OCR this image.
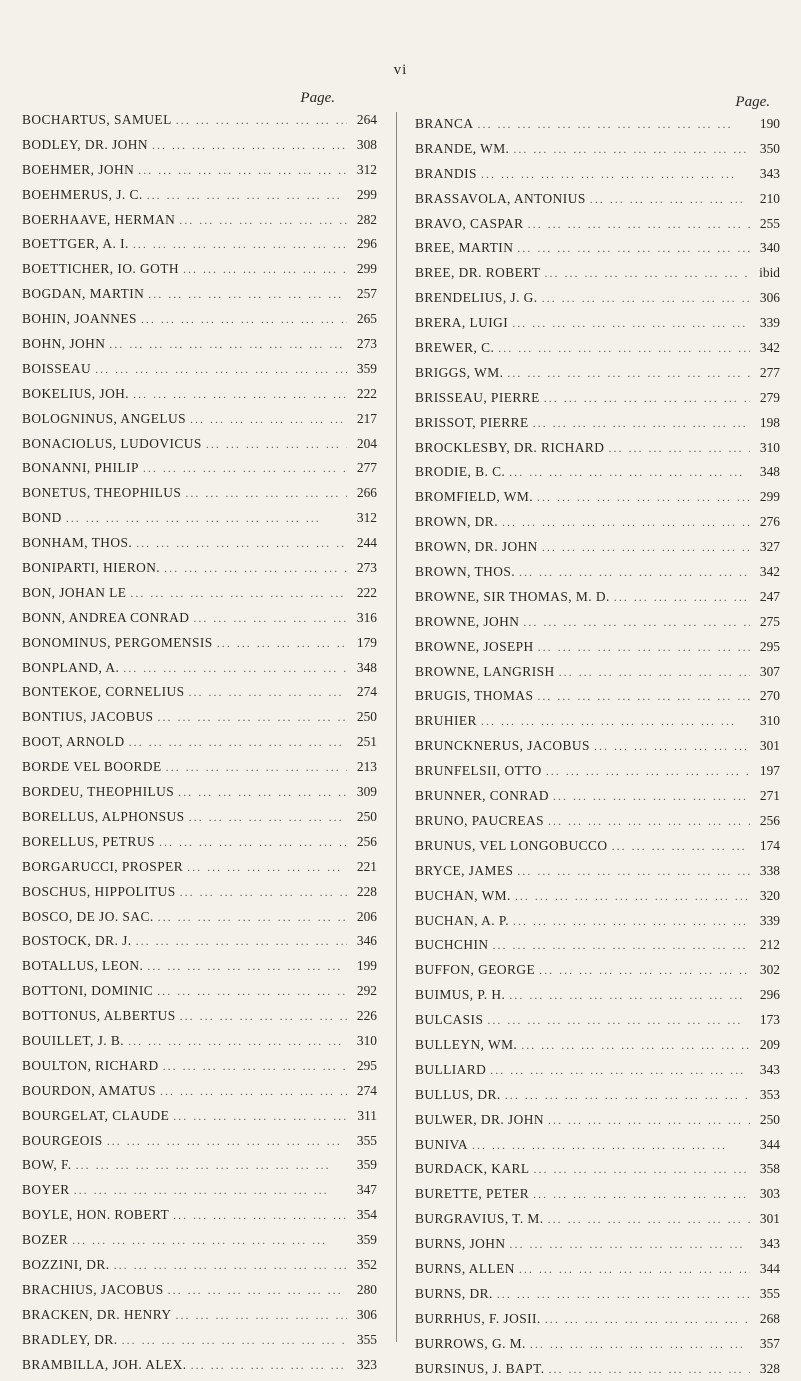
vi
Page.
BOCHARTUS, SAMUEL ... .	264
BODLEY, DR. JOHN ... .	308
BOEHMER, JOHN ... .	312
BOEHMERUS, J. C. ... .	299
BOERHAAVE, HERMAN ... .	282
BOETTGER, A. I. ... .	296
BOETTICHER, IO. GOTH ... .	299
BOGDAN, MARTIN ... .	257
BOHIN, JOANNES ... .	265
BOHN, JOHN ... .	273
BOISSEAU ... .	359
BOKELIUS, JOH. ... .	222
BOLOGNINUS, ANGELUS ... .	217
BONACIOLUS, LUDOVICUS ... .	204
BONANNI, PHILIP ... .	277
BONETUS, THEOPHILUS ... .	266
BOND ... .	312
BONHAM, THOS. ... .	244
BONIPARTI, HIERON. ... .	273
BON, JOHAN LE ... .	222
BONN, ANDREA CONRAD ... .	316
BONOMINUS, PERGOMENSIS ... .	179
BONPLAND, A. ... .	348
BONTEKOE, CORNELIUS ... .	274
BONTIUS, JACOBUS ... .	250
BOOT, ARNOLD ... .	251
BORDE VEL BOORDE ... .	213
BORDEU, THEOPHILUS ... .	309
BORELLUS, ALPHONSUS ... .	250
BORELLUS, PETRUS ... .	256
BORGARUCCI, PROSPER ... .	221
BOSCHUS, HIPPOLITUS ... .	228
BOSCO, DE JO. SAC. ... .	206
BOSTOCK, DR. J. ... .	346
BOTALLUS, LEON. ... .	199
BOTTONI, DOMINIC ... .	292
BOTTONUS, ALBERTUS ... .	226
BOUILLET, J. B. ... .	310
BOULTON, RICHARD ... .	295
BOURDON, AMATUS ... .	274
BOURGELAT, CLAUDE ... .	311
BOURGEOIS ... .	355
BOW, F. ... .	359
BOYER ... .	347
BOYLE, HON. ROBERT ... .	354
BOZER ... .	359
BOZZINI, DR. ... .	352
BRACHIUS, JACOBUS ... .	280
BRACKEN, DR. HENRY ... .	306
BRADLEY, DR. ... .	355
BRAMBILLA, JOH. ALEX. ... .	323
Page.
BRANCA ... .	190
BRANDE, WM. ... .	350
BRANDIS ... .	343
BRASSAVOLA, ANTONIUS ... .	210
BRAVO, CASPAR ... .	255
BREE, MARTIN ... .	340
BREE, DR. ROBERT ... .	ibid
BRENDELIUS, J. G. ... .	306
BRERA, LUIGI ... .	339
BREWER, C. ... .	342
BRIGGS, WM. ... .	277
BRISSEAU, PIERRE ... .	279
BRISSOT, PIERRE ... .	198
BROCKLESBY, DR. RICHARD ... .	310
BRODIE, B. C. ... .	348
BROMFIELD, WM. ... .	299
BROWN, DR. ... .	276
BROWN, DR. JOHN ... .	327
BROWN, THOS. ... .	342
BROWNE, SIR THOMAS, M. D. ... .	247
BROWNE, JOHN ... .	275
BROWNE, JOSEPH ... .	295
BROWNE, LANGRISH ... .	307
BRUGIS, THOMAS ... .	270
BRUHIER ... .	310
BRUNCKNERUS, JACOBUS ... .	301
BRUNFELSII, OTTO ... .	197
BRUNNER, CONRAD ... .	271
BRUNO, PAUCREAS ... .	256
BRUNUS, VEL LONGOBUCCO ... .	174
BRYCE, JAMES ... .	338
BUCHAN, WM. ... .	320
BUCHAN, A. P. ... .	339
BUCHCHIN ... .	212
BUFFON, GEORGE ... .	302
BUIMUS, P. H. ... .	296
BULCASIS ... .	173
BULLEYN, WM. ... .	209
BULLIARD ... .	343
BULLUS, DR. ... .	353
BULWER, DR. JOHN ... .	250
BUNIVA ... .	344
BURDACK, KARL ... .	358
BURETTE, PETER ... .	303
BURGRAVIUS, T. M. ... .	301
BURNS, JOHN ... .	343
BURNS, ALLEN ... .	344
BURNS, DR. ... .	355
BURRHUS, F. JOSII. ... .	268
BURROWS, G. M. ... .	357
BURSINUS, J. BAPT. ... .	328
